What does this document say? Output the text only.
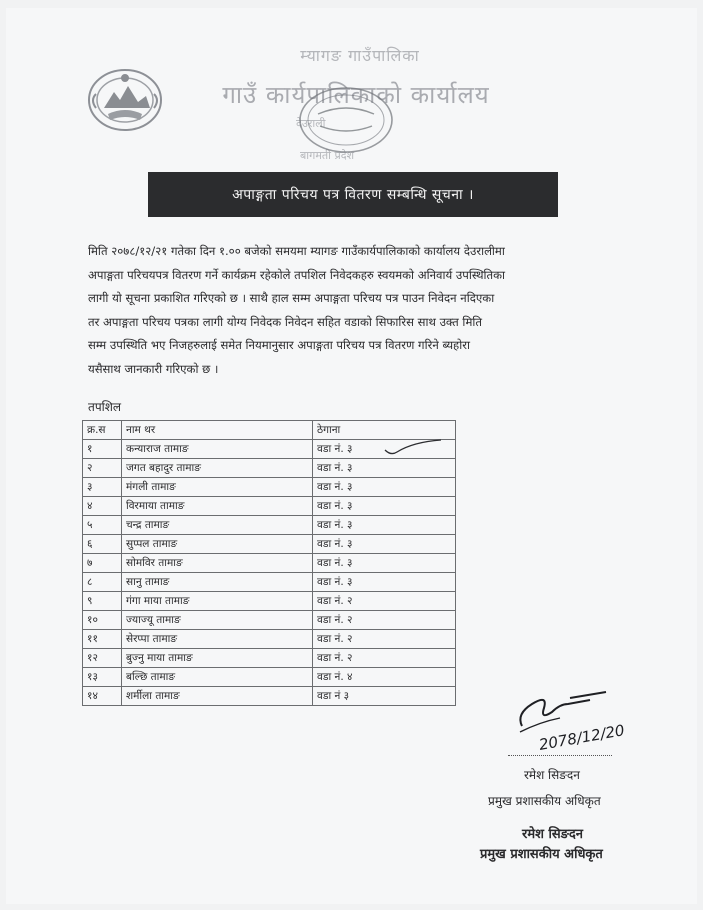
म्यागङ गाउँपालिका
गाउँ कार्यपालिकाको कार्यालय
देउराली
बागमती प्रदेश
अपाङ्गता परिचय पत्र वितरण सम्बन्धि सूचना ।

मिति २०७८/१२/२१ गतेका दिन १.०० बजेको समयमा म्यागङ गाउँकार्यपालिकाको कार्यालय देउरालीमा

अपाङ्गता परिचयपत्र वितरण गर्ने कार्यक्रम रहेकोले तपशिल निवेदकहरु स्वयमको अनिवार्य उपस्थितिका

लागी यो सूचना प्रकाशित गरिएको छ । साथै हाल सम्म अपाङ्गता परिचय पत्र पाउन निवेदन नदिएका

तर अपाङ्गता परिचय पत्रका लागी योग्य निवेदक निवेदन सहित वडाको सिफारिस साथ उक्त मिति

सम्म उपस्थिति भए निजहरुलाई समेत नियमानुसार अपाङ्गता परिचय पत्र वितरण गरिने ब्यहोरा

यसैसाथ जानकारी गरिएको छ ।

तपशिल
क्र.स	नाम थर	ठेगाना
१	कन्याराज तामाङ	वडा नं. ३
२	जगत बहादुर तामाङ	वडा नं. ३
३	मंगली तामाङ	वडा नं. ३
४	विरमाया तामाङ	वडा नं. ३
५	चन्द्र तामाङ	वडा नं. ३
६	सुप्पल तामाङ	वडा नं. ३
७	सोमविर तामाङ	वडा नं. ३
८	सानु तामाङ	वडा नं. ३
९	गंगा माया तामाङ	वडा नं. २
१०	ज्याज्यू तामाङ	वडा नं. २
११	सेरप्पा तामाङ	वडा नं. २
१२	बुज्नु माया तामाङ	वडा नं. २
१३	बल्छि तामाङ	वडा नं. ४
१४	शर्मीला तामाङ	वडा नं ३
2078/12/20
रमेश सिङदन
प्रमुख प्रशासकीय अधिकृत
रमेश सिङदन
प्रमुख प्रशासकीय अधिकृत
